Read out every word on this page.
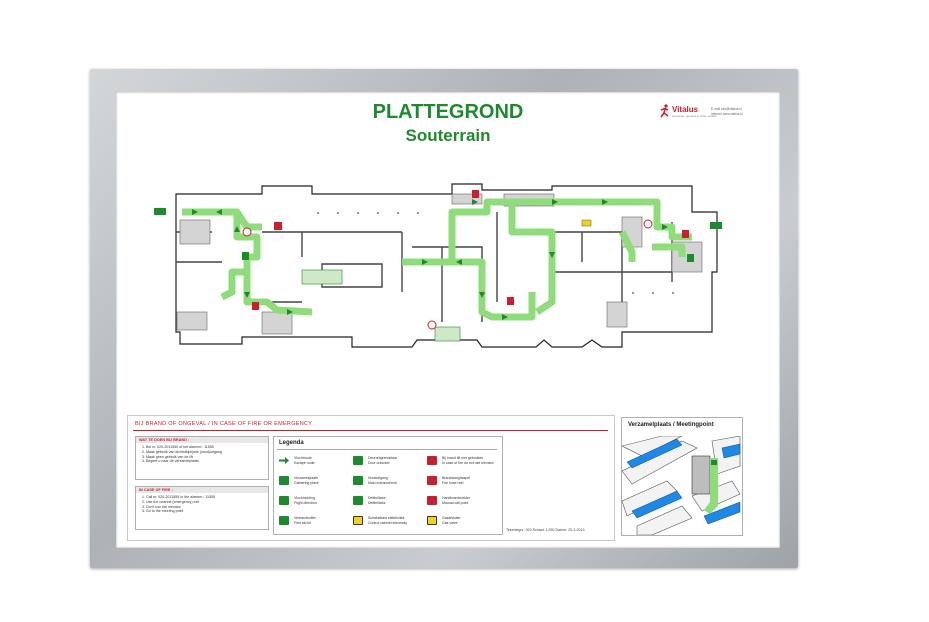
PLATTEGROND
Souterrain
Vitalus
preventie, gezond & veilig werken
E-mail info@vitalus.nl
Internet www.vitalus.nl
BIJ BRAND OF ONGEVAL / IN CASE OF FIRE OR EMERGENCY
WAT TE DOEN BIJ BRAND :
1. Bel nr. 020-2011555 of het alarmnr.: 11555
2. Maak gebruik van dichtstbijzijnde (nood)uitgang
3. Maak geen gebruik van de lift
4. Begeef u naar de verzamelplaats
IN CASE OF FIRE :
1. Call nr. 020-2011555 or the alarmnr.: 11555
2. Use the nearest (emergency) exit
3. Don't use the elevator
4. Go to the meeting point
Legenda
Vluchtroute
Escape route
Deurontgrendelaar
Door unlocker
Bij brand lift niet gebruiken
In case of fire do not use elevator
Verzamelplaats
Gathering place
Nooduitgang
Main entrance/exit
Brandslanghaspel
Fire hose reel
Vluchtrichting
Flight direction
Defibrillator
Defibrillator
Handbrandmelder
Manual call point
Verbandkoffer
First aid kit
Schakelkast elektriciteit
Control cabinet electricity
Gasafsluiter
Gas valve
Tekeningnr: 002 Schaal: 1:250 Datum: 25-3-2013
Verzamelplaats / Meetingpoint
